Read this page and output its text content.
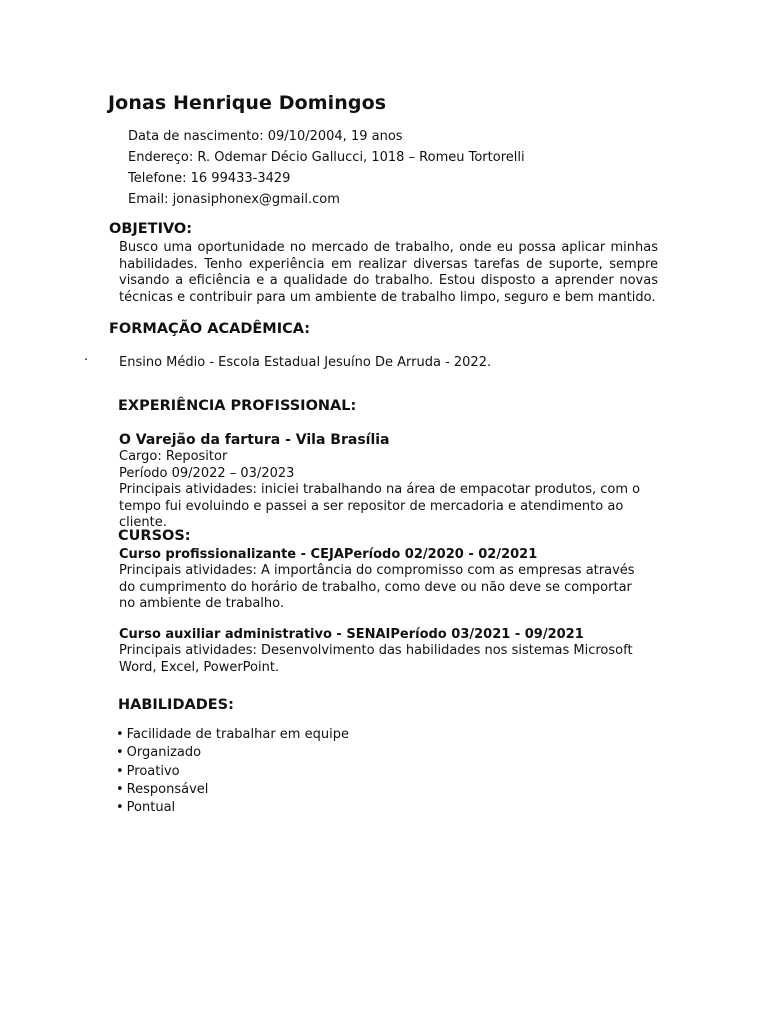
Jonas Henrique Domingos
Data de nascimento: 09/10/2004, 19 anos
Endereço: R. Odemar Décio Gallucci, 1018 – Romeu Tortorelli
Telefone: 16 99433-3429
Email: jonasiphonex@gmail.com
OBJETIVO:

Busco uma oportunidade no mercado de trabalho, onde eu possa aplicar minhas habilidades. Tenho experiência em realizar diversas tarefas de suporte, sempre visando a eficiência e a qualidade do trabalho. Estou disposto a aprender novas técnicas e contribuir para um ambiente de trabalho limpo, seguro e bem mantido.

FORMAÇÃO ACADÊMICA:
· Ensino Médio - Escola Estadual Jesuíno De Arruda - 2022.
EXPERIÊNCIA PROFISSIONAL:
O Varejão da fartura - Vila Brasília
Cargo: Repositor
Período 09/2022 – 03/2023
Principais atividades: iniciei trabalhando na área de empacotar produtos, com o tempo fui evoluindo e passei a ser repositor de mercadoria e atendimento ao cliente.
CURSOS:
Curso profissionalizante - CEJAPeríodo 02/2020 - 02/2021
Principais atividades: A importância do compromisso com as empresas através do cumprimento do horário de trabalho, como deve ou não deve se comportar no ambiente de trabalho.
Curso auxiliar administrativo - SENAIPeríodo 03/2021 - 09/2021
Principais atividades: Desenvolvimento das habilidades nos sistemas Microsoft Word, Excel, PowerPoint.
HABILIDADES:
• Facilidade de trabalhar em equipe
• Organizado
• Proativo
• Responsável
• Pontual
